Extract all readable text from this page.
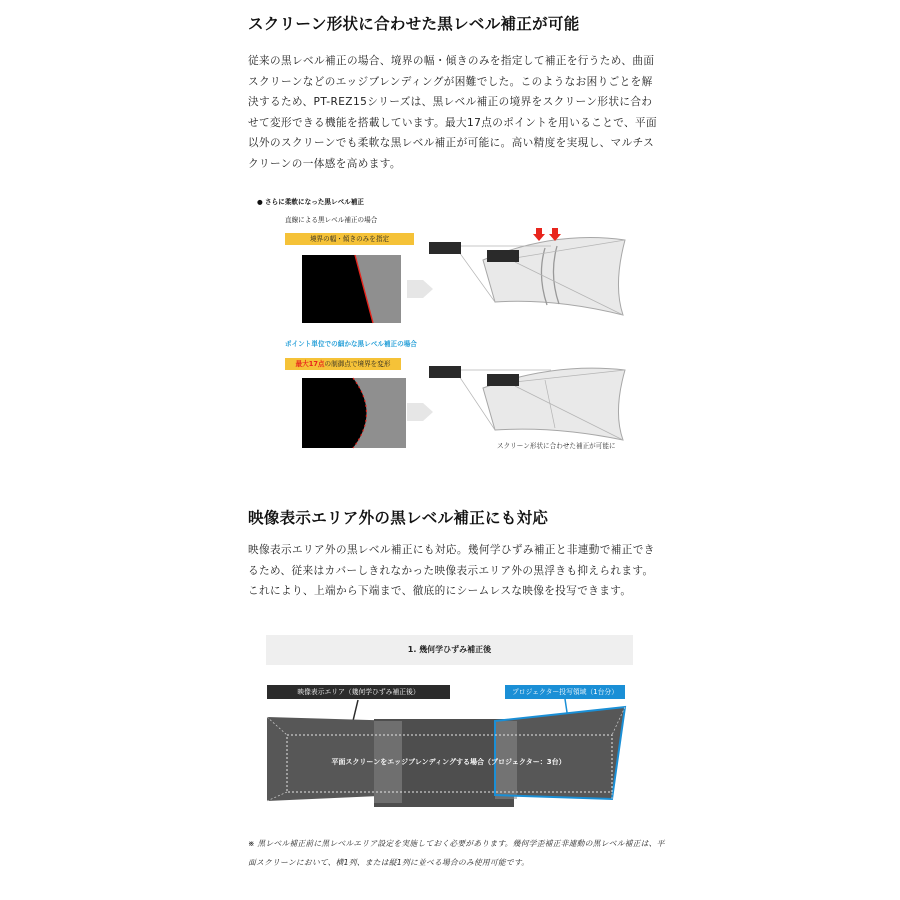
スクリーン形状に合わせた黒レベル補正が可能
従来の黒レベル補正の場合、境界の幅・傾きのみを指定して補正を行うため、曲面スクリーンなどのエッジブレンディングが困難でした。このようなお困りごとを解決するため、PT-REZ15シリーズは、黒レベル補正の境界をスクリーン形状に合わせて変形できる機能を搭載しています。最大17点のポイントを用いることで、平面以外のスクリーンでも柔軟な黒レベル補正が可能に。高い精度を実現し、マルチスクリーンの一体感を高めます。
● さらに柔軟になった黒レベル補正
直線による黒レベル補正の場合
境界の幅・傾きのみを指定
ポイント単位での細かな黒レベル補正の場合
最大17点の制御点で境界を変形
スクリーン形状に合わせた補正が可能に
映像表示エリア外の黒レベル補正にも対応
映像表示エリア外の黒レベル補正にも対応。幾何学ひずみ補正と非連動で補正できるため、従来はカバーしきれなかった映像表示エリア外の黒浮きも抑えられます。これにより、上端から下端まで、徹底的にシームレスな映像を投写できます。
1. 幾何学ひずみ補正後
映像表示エリア（幾何学ひずみ補正後）	プロジェクター投写領域（1台分）
平面スクリーンをエッジブレンディングする場合（プロジェクター：3台）
※ 黒レベル補正前に黒レベルエリア設定を実施しておく必要があります。幾何学歪補正非連動の黒レベル補正は、平面スクリーンにおいて、横1列、または縦1列に並べる場合のみ使用可能です。
